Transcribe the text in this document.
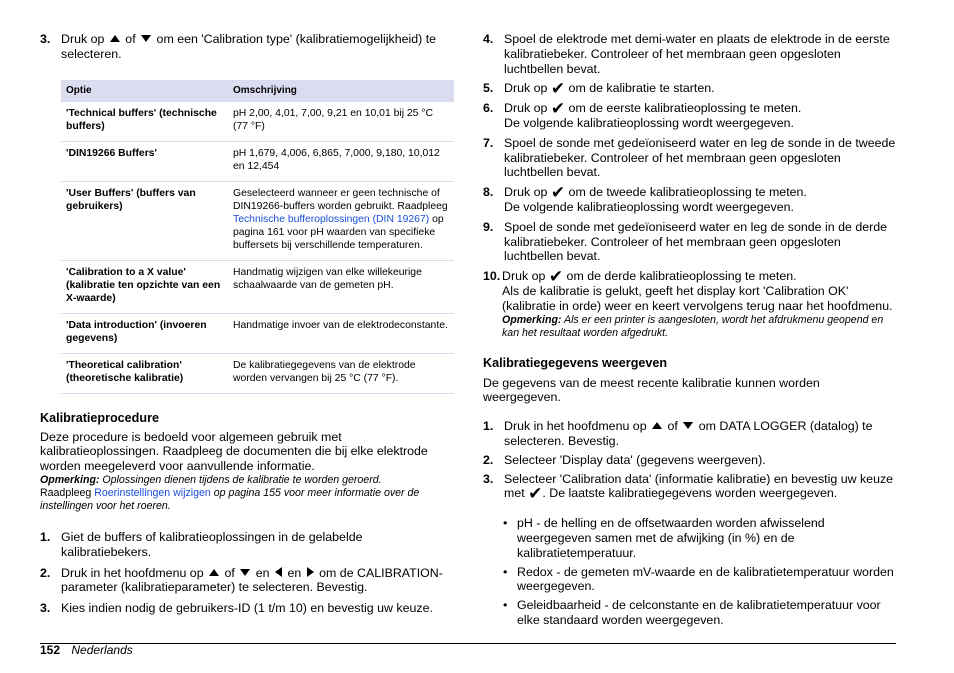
3. Druk op of om een 'Calibration type' (kalibratiemogelijkheid) te selecteren.
Optie	Omschrijving
'Technical buffers' (technische buffers)	pH 2,00, 4,01, 7,00, 9,21 en 10,01 bij 25 °C (77 °F)
'DIN19266 Buffers'	pH 1,679, 4,006, 6,865, 7,000, 9,180, 10,012 en 12,454
'User Buffers' (buffers van gebruikers)	Geselecteerd wanneer er geen technische of DIN19266-buffers worden gebruikt. Raadpleeg Technische bufferoplossingen (DIN 19267) op pagina 161 voor pH waarden van specifieke buffersets bij verschillende temperaturen.
'Calibration to a X value' (kalibratie ten opzichte van een X-waarde)	Handmatig wijzigen van elke willekeurige schaalwaarde van de gemeten pH.
'Data introduction' (invoeren gegevens)	Handmatige invoer van de elektrodeconstante.
'Theoretical calibration' (theoretische kalibratie)	De kalibratiegegevens van de elektrode worden vervangen bij 25 °C (77 °F).
Kalibratieprocedure

Deze procedure is bedoeld voor algemeen gebruik met kalibratieoplossingen. Raadpleeg de documenten die bij elke elektrode worden meegeleverd voor aanvullende informatie.

Opmerking: Oplossingen dienen tijdens de kalibratie te worden geroerd.

Raadpleeg Roerinstellingen wijzigen op pagina 155 voor meer informatie over de instellingen voor het roeren.

1. Giet de buffers of kalibratieoplossingen in de gelabelde kalibratiebekers.
2. Druk in het hoofdmenu op of en en om de CALIBRATION-parameter (kalibratieparameter) te selecteren. Bevestig.
3. Kies indien nodig de gebruikers-ID (1 t/m 10) en bevestig uw keuze.
4. Spoel de elektrode met demi-water en plaats de elektrode in de eerste kalibratiebeker. Controleer of het membraan geen opgesloten luchtbellen bevat.
5. Druk op ✔ om de kalibratie te starten.
6. Druk op ✔ om de eerste kalibratieoplossing te meten.
De volgende kalibratieoplossing wordt weergegeven.
7. Spoel de sonde met gedeïoniseerd water en leg de sonde in de tweede kalibratiebeker. Controleer of het membraan geen opgesloten luchtbellen bevat.
8. Druk op ✔ om de tweede kalibratieoplossing te meten.
De volgende kalibratieoplossing wordt weergegeven.
9. Spoel de sonde met gedeïoniseerd water en leg de sonde in de derde kalibratiebeker. Controleer of het membraan geen opgesloten luchtbellen bevat.
10. Druk op ✔ om de derde kalibratieoplossing te meten.
Als de kalibratie is gelukt, geeft het display kort 'Calibration OK' (kalibratie in orde) weer en keert vervolgens terug naar het hoofdmenu.

Opmerking: Als er een printer is aangesloten, wordt het afdrukmenu geopend en kan het resultaat worden afgedrukt.

Kalibratiegegevens weergeven

De gegevens van de meest recente kalibratie kunnen worden weergegeven.

1. Druk in het hoofdmenu op of om DATA LOGGER (datalog) te selecteren. Bevestig.
2. Selecteer 'Display data' (gegevens weergeven).
3. Selecteer 'Calibration data' (informatie kalibratie) en bevestig uw keuze met ✔. De laatste kalibratiegegevens worden weergegeven.
• pH - de helling en de offsetwaarden worden afwisselend weergegeven samen met de afwijking (in %) en de kalibratietemperatuur.
• Redox - de gemeten mV-waarde en de kalibratietemperatuur worden weergegeven.
• Geleidbaarheid - de celconstante en de kalibratietemperatuur voor elke standaard worden weergegeven.
152 Nederlands
